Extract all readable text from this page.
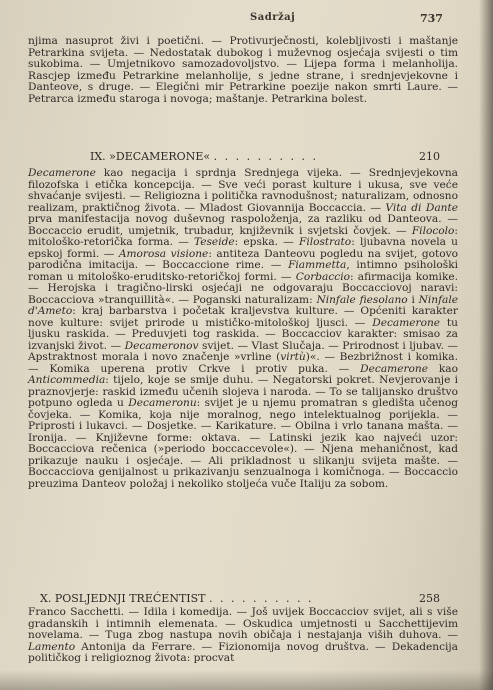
Sadržaj	737
njima nasuprot živi i poetični. — Protivurječnosti, kolebljivosti i maštanje Petrarkina svijeta. — Nedostatak dubokog i muževnog osjećaja svijesti o tim sukobima. — Umjetnikovo samozadovoljstvo. — Lijepa forma i melanholija. Rascjep između Petrarkine melanholije, s jedne strane, i srednjevjekovne i Danteove, s druge. — Elegični mir Petrarkine poezije nakon smrti Laure. — Petrarca između staroga i novoga; maštanje. Petrarkina bolest.
IX. »DECAMERONE« . . . . . . . . . .	210
Decamerone kao negacija i sprdnja Srednjega vijeka. — Srednjevjekovna filozofska i etička koncepcija. — Sve veći porast kulture i ukusa, sve veće shvaćanje svijesti. — Religiozna i politička ravnodušnost; naturalizam, odnosno realizam, praktičnog života. — Mladost Giovannija Boccaccia. — Vita di Dante prva manifestacija novog duševnog raspoloženja, za razliku od Danteova. — Boccaccio erudit, umjetnik, trubadur, književnik i svjetski čovjek. — Filocolo: mitološko-retorička forma. — Teseide: epska. — Filostrato: ljubavna novela u epskoj formi. — Amorosa visione: antiteza Danteovu pogledu na svijet, gotovo parodična imitacija. — Boccaccione rime. — Fiammetta, intimno psihološki roman u mitološko-eruditsko-retoričkoj formi. — Corbaccio: afirmacija komike. — Herojska i tragično-lirski osjećaji ne odgovaraju Boccacciovoj naravi: Boccacciova »tranquillità«. — Poganski naturalizam: Ninfale fiesolano i Ninfale d'Ameto: kraj barbarstva i početak kraljevstva kulture. — Općeniti karakter nove kulture: svijet prirode u mističko-mitološkoj ljusci. — Decamerone tu ljusku raskida. — Preduvjeti tog raskida. — Boccacciov karakter: smisao za izvanjski život. — Decameronov svijet. — Vlast Slučaja. — Prirodnost i ljubav. — Apstraktnost morala i novo značenje »vrline (virtù)«. — Bezbrižnost i komika. — Komika uperena protiv Crkve i protiv puka. — Decamerone kao Anticommedia: tijelo, koje se smije duhu. — Negatorski pokret. Nevjerovanje i praznovjerje: raskid između učenih slojeva i naroda. — To se talijansko društvo potpuno ogleda u Decameronu: svijet je u njemu promatran s gledišta učenog čovjeka. — Komika, koja nije moralnog, nego intelektualnog porijekla. — Priprosti i lukavci. — Dosjetke. — Karikature. — Obilna i vrlo tanana mašta. — Ironija. — Književne forme: oktava. — Latinski jezik kao najveći uzor: Boccacciova rečenica (»periodo boccaccevole«). — Njena mehaničnost, kad prikazuje nauku i osjećaje. — Ali prikladnost u slikanju svijeta mašte. — Boccacciova genijalnost u prikazivanju senzualnoga i komičnoga. — Boccaccio preuzima Danteov položaj i nekoliko stoljeća vuče Italiju za sobom.
X. POSLJEDNJI TREĆENTIST . . . . . . . . . .	258
Franco Sacchetti. — Idila i komedija. — Još uvijek Boccacciov svijet, ali s više gradanskih i intimnih elemenata. — Oskudica umjetnosti u Sacchettijevim novelama. — Tuga zbog nastupa novih običaja i nestajanja viših duhova. — Lamento Antonija da Ferrare. — Fizionomija novog društva. — Dekadencija političkog i religioznog života: procvat
